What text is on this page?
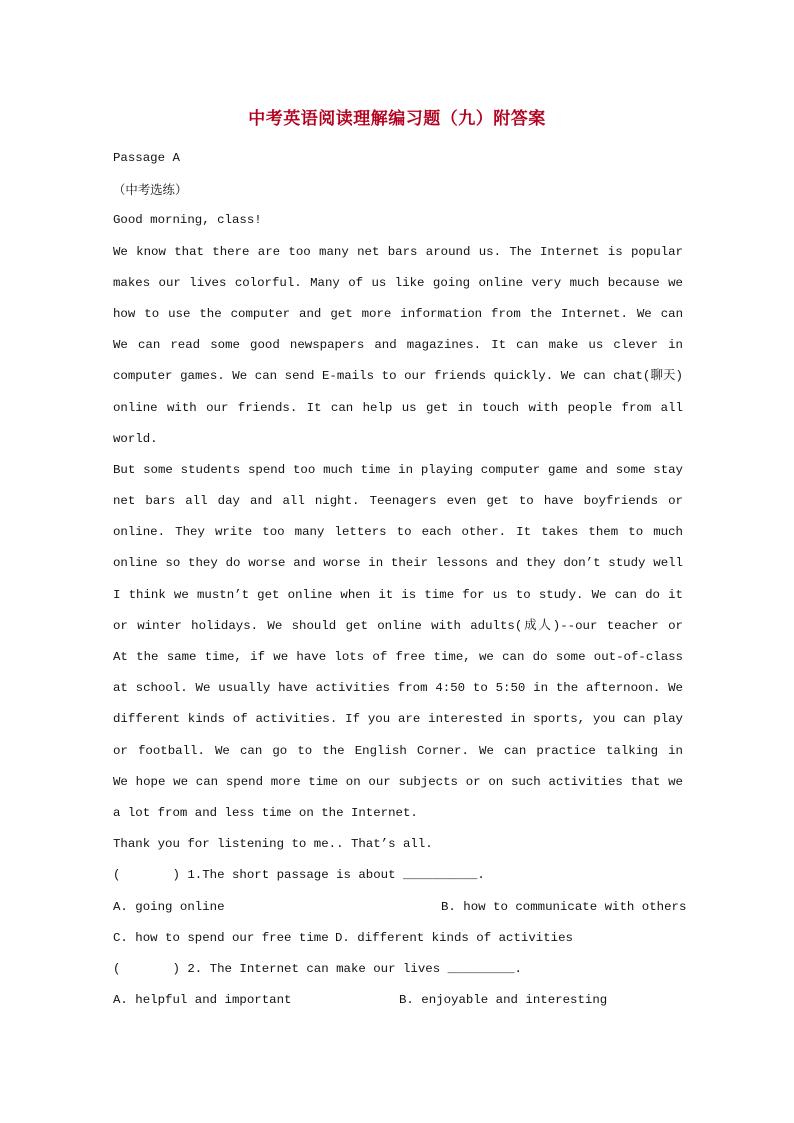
中考英语阅读理解编习题（九）附答案
Passage A
（中考选练）
Good morning, class!
We know that there are too many net bars around us. The Internet is popular
makes our lives colorful. Many of us like going online very much because we
how to use the computer and get more information from the Internet. We can
We can read some good newspapers and magazines. It can make us clever in
computer games. We can send E-mails to our friends quickly. We can chat(聊天)
online with our friends. It can help us get in touch with people from all
world.
But some students spend too much time in playing computer game and some stay
net bars all day and all night. Teenagers even get to have boyfriends or
online. They write too many letters to each other. It takes them to much
online so they do worse and worse in their lessons and they don’t study well
I think we mustn’t get online when it is time for us to study. We can do it
or winter holidays. We should get online with adults(成人)--our teacher or
At the same time, if we have lots of free time, we can do some out-of-class
at school. We usually have activities from 4:50 to 5:50 in the afternoon. We
different kinds of activities. If you are interested in sports, you can play
or football. We can go to the English Corner. We can practice talking in
We hope we can spend more time on our subjects or on such activities that we
a lot from and less time on the Internet.
Thank you for listening to me.. That’s all.
(       ) 1.The short passage is about __________.
A. going online	B. how to communicate with others
C. how to spend our free time D. different kinds of activities
(       ) 2. The Internet can make our lives _________.
A. helpful and important	B. enjoyable and interesting
